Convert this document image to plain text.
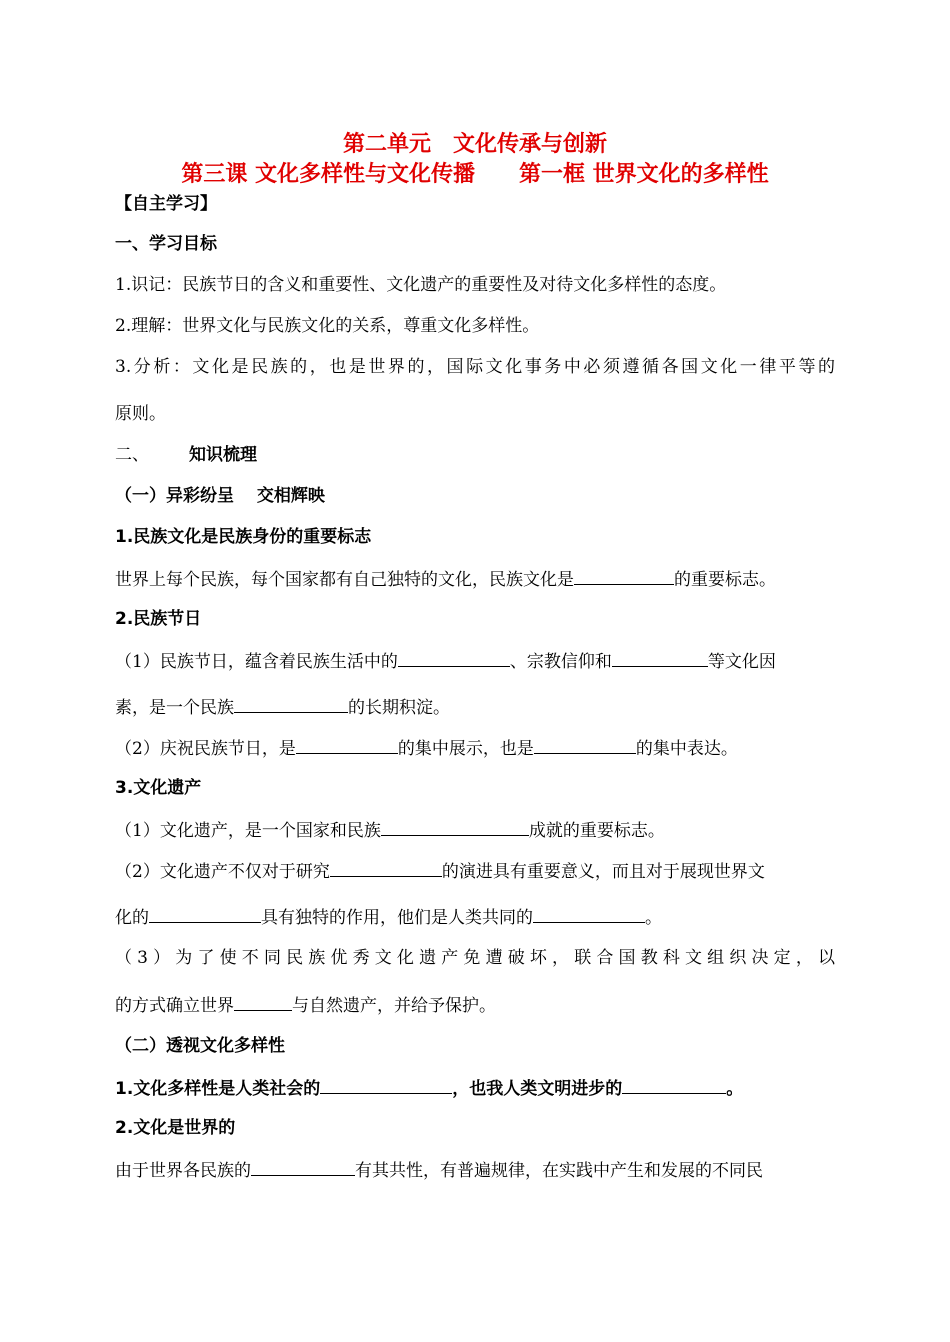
第二单元　文化传承与创新
第三课 文化多样性与文化传播　　第一框 世界文化的多样性
【自主学习】
一、学习目标
1.识记：民族节日的含义和重要性、文化遗产的重要性及对待文化多样性的态度。
2.理解：世界文化与民族文化的关系，尊重文化多样性。
3.分析：文化是民族的，也是世界的，国际文化事务中必须遵循各国文化一律平等的
原则。
二、 知识梳理
（一）异彩纷呈　 交相辉映
1.民族文化是民族身份的重要标志
世界上每个民族，每个国家都有自己独特的文化，民族文化是	的重要标志。
2.民族节日
（1）民族节日，蕴含着民族生活中的	、宗教信仰和	等文化因
素，是一个民族	的长期积淀。
（2）庆祝民族节日，是	的集中展示，也是	的集中表达。
3.文化遗产
（1）文化遗产，是一个国家和民族	成就的重要标志。
（2）文化遗产不仅对于研究	的演进具有重要意义，而且对于展现世界文
化的	具有独特的作用，他们是人类共同的	。
（3）为了使不同民族优秀文化遗产免遭破坏，联合国教科文组织决定，以
的方式确立世界	与自然遗产，并给予保护。
（二）透视文化多样性
1.文化多样性是人类社会的	，也我人类文明进步的	。
2.文化是世界的
由于世界各民族的	有其共性，有普遍规律，在实践中产生和发展的不同民
